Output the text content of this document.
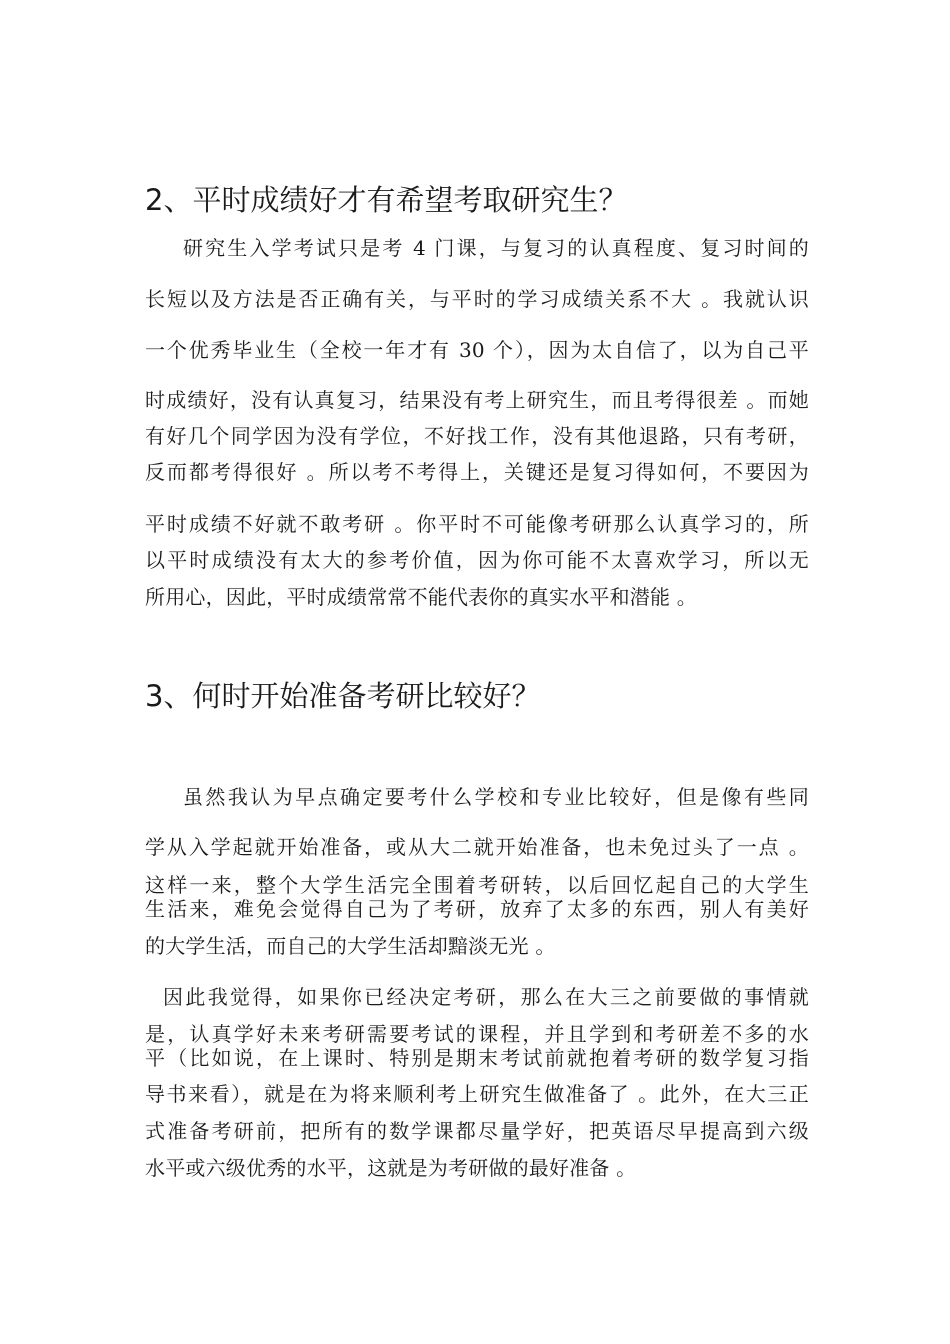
2、平时成绩好才有希望考取研究生？
研究生入学考试只是考 4 门课，与复习的认真程度、复习时间的
长短以及方法是否正确有关，与平时的学习成绩关系不大 。我就认识
一个优秀毕业生（全校一年才有 30 个），因为太自信了，以为自己平
时成绩好，没有认真复习，结果没有考上研究生，而且考得很差 。而她
有好几个同学因为没有学位，不好找工作，没有其他退路，只有考研，
反而都考得很好 。所以考不考得上，关键还是复习得如何，不要因为
平时成绩不好就不敢考研 。你平时不可能像考研那么认真学习的，所
以平时成绩没有太大的参考价值，因为你可能不太喜欢学习，所以无
所用心，因此，平时成绩常常不能代表你的真实水平和潜能 。
3、何时开始准备考研比较好？
虽然我认为早点确定要考什么学校和专业比较好，但是像有些同
学从入学起就开始准备，或从大二就开始准备，也未免过头了一点 。
这样一来，整个大学生活完全围着考研转，以后回忆起自己的大学生
生活来，难免会觉得自己为了考研，放弃了太多的东西，别人有美好
的大学生活，而自己的大学生活却黯淡无光 。
因此我觉得，如果你已经决定考研，那么在大三之前要做的事情就
是，认真学好未来考研需要考试的课程，并且学到和考研差不多的水
平（比如说，在上课时、特别是期末考试前就抱着考研的数学复习指
导书来看），就是在为将来顺利考上研究生做准备了 。此外，在大三正
式准备考研前，把所有的数学课都尽量学好，把英语尽早提高到六级
水平或六级优秀的水平，这就是为考研做的最好准备 。
